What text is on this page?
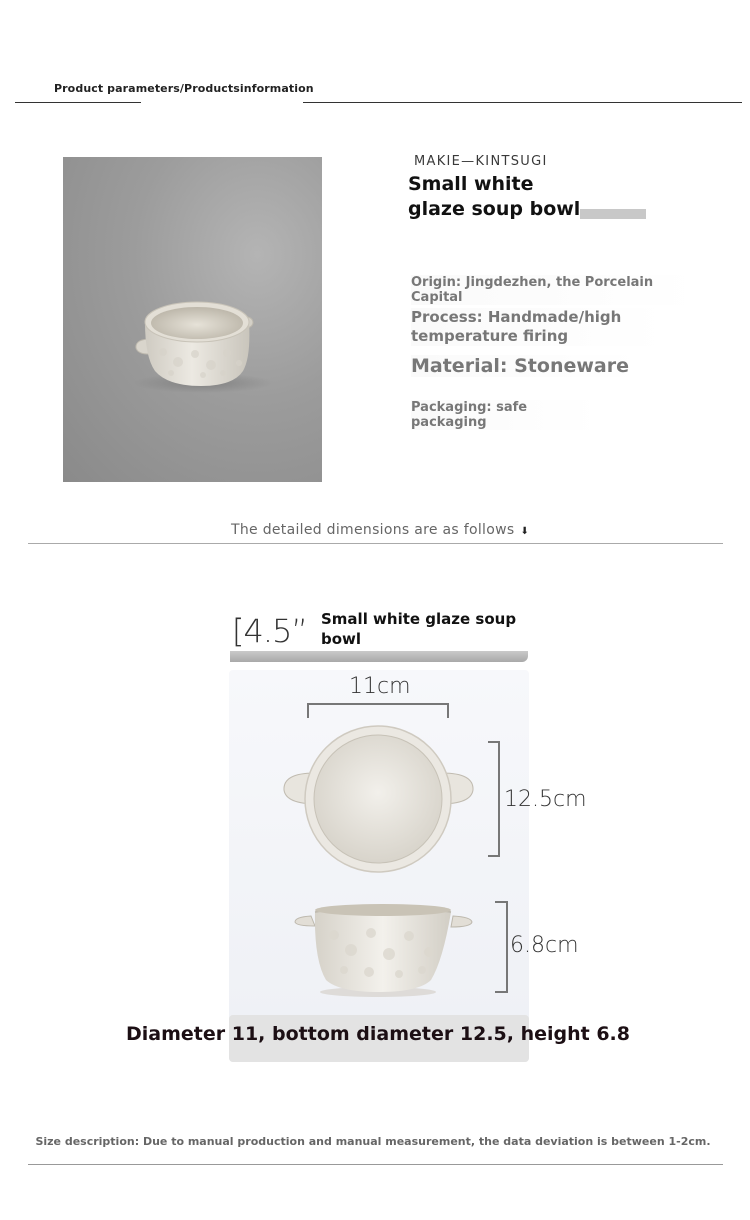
Product parameters/Productsinformation
MAKIE—KINTSUGI
Small white glaze soup bowl
Origin: Jingdezhen, the Porcelain Capital
Process: Handmade/high temperature firing
Material: Stoneware
Packaging: safe packaging
The detailed dimensions are as follows ⬇
[4.5” Small white glaze soup bowl
11cm
12.5cm
6.8cm
Diameter 11, bottom diameter 12.5, height 6.8
Size description: Due to manual production and manual measurement, the data deviation is between 1-2cm.
